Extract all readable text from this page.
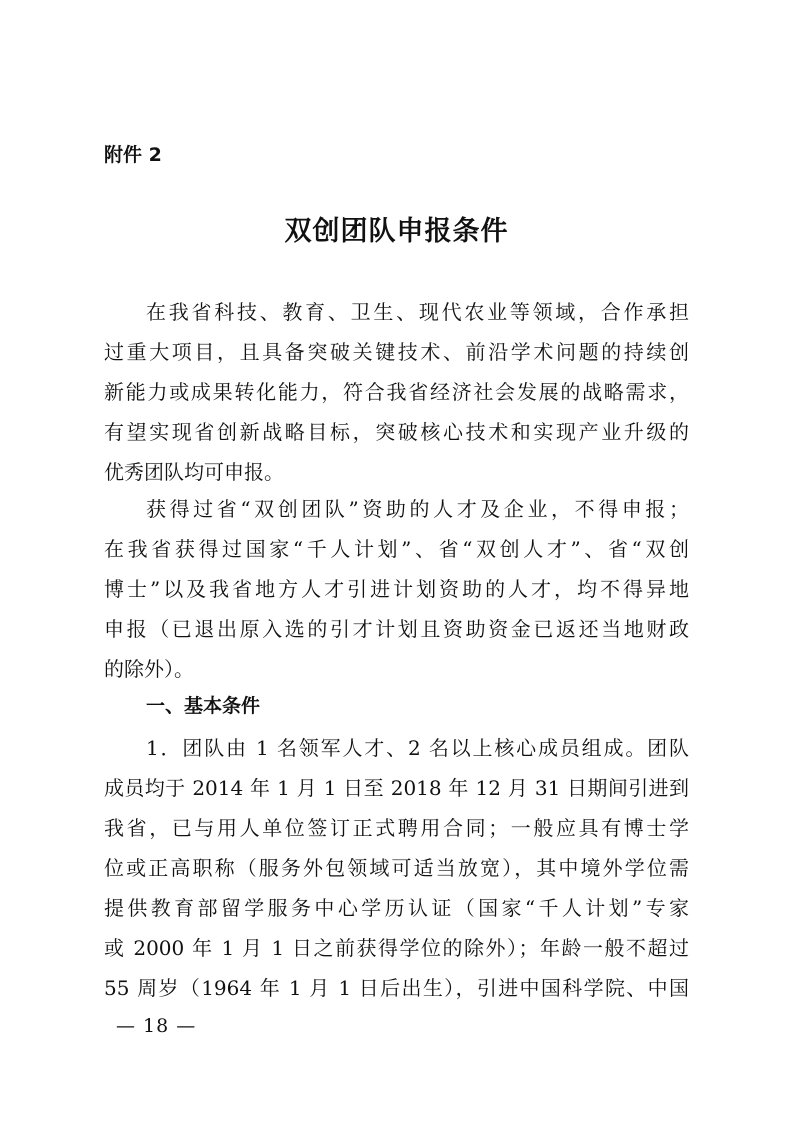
附件 2

双创团队申报条件
在我省科技、教育、卫生、现代农业等领域，合作承担
过重大项目，且具备突破关键技术、前沿学术问题的持续创
新能力或成果转化能力，符合我省经济社会发展的战略需求，
有望实现省创新战略目标，突破核心技术和实现产业升级的
优秀团队均可申报。
获得过省“双创团队”资助的人才及企业，不得申报；
在我省获得过国家“千人计划”、省“双创人才”、省“双创
博士”以及我省地方人才引进计划资助的人才，均不得异地
申报（已退出原入选的引才计划且资助资金已返还当地财政
的除外）。
一、基本条件
1．团队由 1 名领军人才、2 名以上核心成员组成。团队
成员均于 2014 年 1 月 1 日至 2018 年 12 月 31 日期间引进到
我省，已与用人单位签订正式聘用合同；一般应具有博士学
位或正高职称（服务外包领域可适当放宽），其中境外学位需
提供教育部留学服务中心学历认证（国家“千人计划”专家
或 2000 年 1 月 1 日之前获得学位的除外）；年龄一般不超过
55 周岁（1964 年 1 月 1 日后出生），引进中国科学院、中国

— 18 —
